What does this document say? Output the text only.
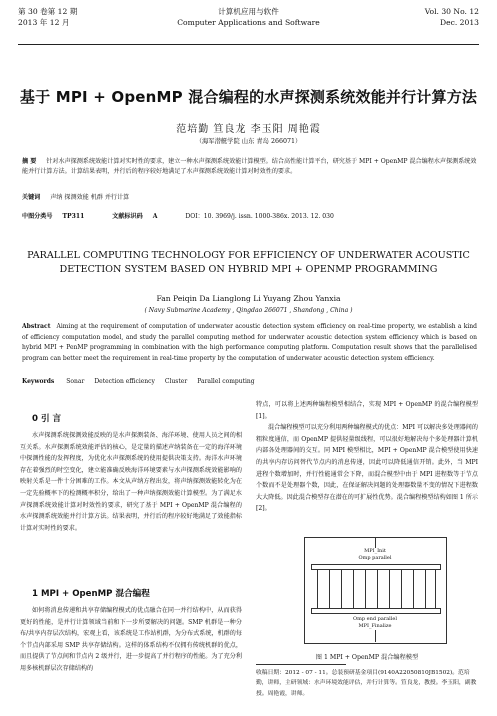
第 30 卷第 12 期
2013 年 12 月
计算机应用与软件
Computer Applications and Software
Vol. 30 No. 12
Dec. 2013
基于 MPI + OpenMP 混合编程的水声探测系统效能并行计算方法
范培勤 笪良龙 李玉阳 周艳霞
（海军潜艇学院 山东 青岛 266071）
摘 要 针对水声探测系统效能计算对实时性的要求，建立一种水声探测系统效能计算模型。结合高性能计算平台，研究基于 MPI + OpenMP 混合编程水声探测系统效能并行计算方法。计算结果表明，并行后的程序较好地满足了水声探测系统效能计算对时效性的要求。
关键词 声纳 探测效能 机群 并行计算
中图分类号 TP311	文献标识码 A	DOI：10. 3969/j. issn. 1000-386x. 2013. 12. 030
PARALLEL COMPUTING TECHNOLOGY FOR EFFICIENCY OF UNDERWATER ACOUSTIC DETECTION SYSTEM BASED ON HYBRID MPI + OPENMP PROGRAMMING
Fan Peiqin Da Lianglong Li Yuyang Zhou Yanxia
( Navy Submarine Academy , Qingdao 266071 , Shandong , China )
Abstract Aiming at the requirement of computation of underwater acoustic detection system efficiency on real-time property, we establish a kind of efficiency computation model, and study the parallel computing method for underwater acoustic detection system efficiency which is based on hybrid MPI + PenMP programming in combination with the high performance computing platform. Computation result shows that the parallelised program can better meet the requirement in real-time property by the computation of underwater acoustic detection system efficiency.
Keywords Sonar Detection efficiency Cluster Parallel computing
0 引 言

水声探测系统探测效能反映的是水声探测装备、海洋环境、使用人员之间的相互关系。水声探测系统效能评估的核心，是定量的描述声纳装备在一定的海洋环境中探测性能的发挥程度，为优化水声探测系统的使用提供决策支持。海洋水声环境存在着强烈的时空变化，建立能准确反映海洋环境要素与水声探测系统效能影响的映射关系是一件十分困难的工作。本文从声纳方程出发，将声纳探测效能转化为在一定先验概率下的检测概率积分，给出了一种声纳探测效能计算模型。为了满足水声探测系统效能计算对时效性的要求，研究了基于 MPI + OpenMP 混合编程的水声探测系统效能并行计算方法。结果表明，并行后的程序较好地满足了效能指标计算对实时性的要求。

1 MPI + OpenMP 混合编程

如何将消息传递和共享存储编程模式的优点融合在同一并行结构中，从而获得更好的性能，是并行计算领域当前和下一步所要解决的问题。SMP 机群是一种分布/共享内存层次结构，宏观上看，该系统是工作站机群，为分布式系统，机群的每个节点内部采用 SMP 共享存储结构。这样的体系结构不仅拥有传统机群的优点，而且提供了节点间和节点内 2 级并行，进一步提高了并行程序的性能。为了充分利用多核机群层次存储结构的

特点，可以将上述两种编程模型相结合，实现 MPI + OpenMP 的混合编程模型[1]。

混合编程模型可以充分利用两种编程模式的优点：MPI 可以解决多处理器间的粗粒度通信，而 OpenMP 提供轻量级线程，可以很好地解决每个多处理器计算机内部各处理器间的交互。同 MPI 模型相比，MPI + OpenMP 混合模型使用快速的共享内存访问替代节点内的消息传递，因此可以降低通信开销。此外，当 MPI 进程个数增加时，并行性能通常会下降，而混合模型中由于 MPI 进程数等于节点个数而不是处理器个数，因此，在保证解决问题的处理器数量不变的情况下进程数大大降低。因此混合模型存在潜在的可扩展性优势。混合编程模型结构如图 1 所示[2]。

MPI_Init
Omp parallel
Omp end parallel
MPI_Finalize
图 1 MPI + OpenMP 混合编程模型
收稿日期：2012 - 07 - 11。总装预研基金项目(9140A22050810JB1502)。范培勤，讲师，主研领域：水声环境效能评估，并行计算等。笪良龙，教授。李玉阳，副教授。周艳霞，讲师。
